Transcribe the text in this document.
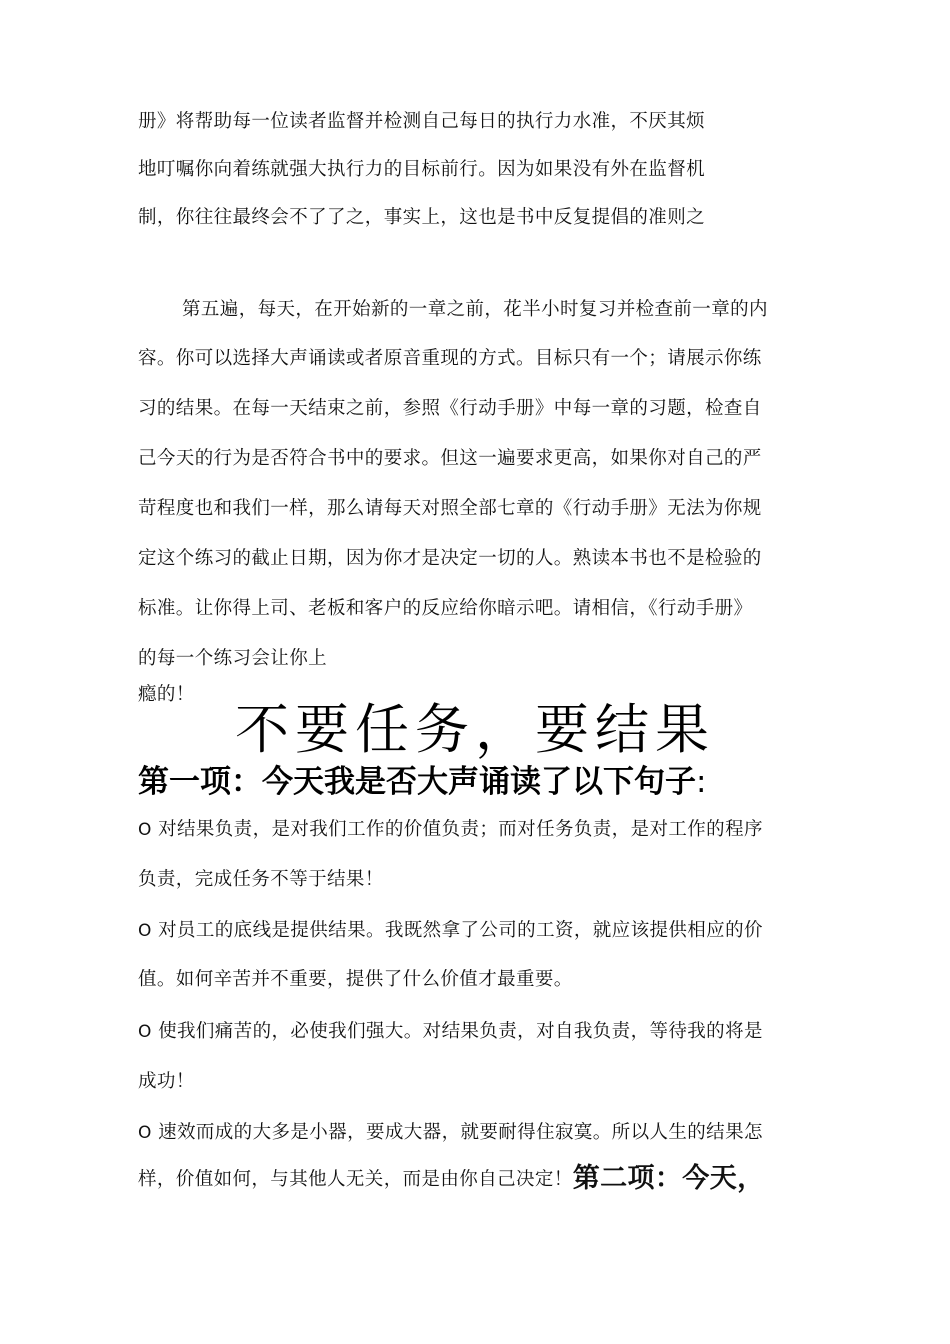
册》将帮助每一位读者监督并检测自己每日的执行力水准，不厌其烦
地叮嘱你向着练就强大执行力的目标前行。因为如果没有外在监督机
制，你往往最终会不了了之，事实上，这也是书中反复提倡的准则之
第五遍，每天，在开始新的一章之前，花半小时复习并检查前一章的内
容。你可以选择大声诵读或者原音重现的方式。目标只有一个；请展示你练
习的结果。在每一天结束之前，参照《行动手册》中每一章的习题，检查自
己今天的行为是否符合书中的要求。但这一遍要求更高，如果你对自己的严
苛程度也和我们一样，那么请每天对照全部七章的《行动手册》无法为你规
定这个练习的截止日期，因为你才是决定一切的人。熟读本书也不是检验的
标准。让你得上司、老板和客户的反应给你暗示吧。请相信，《行动手册》
的每一个练习会让你上
瘾的！
不要任务，要结果
第一项：今天我是否大声诵读了以下句子:
O 对结果负责，是对我们工作的价值负责；而对任务负责，是对工作的程序
负责，完成任务不等于结果！
O 对员工的底线是提供结果。我既然拿了公司的工资，就应该提供相应的价
值。如何辛苦并不重要，提供了什么价值才最重要。
O 使我们痛苦的，必使我们强大。对结果负责，对自我负责，等待我的将是
成功！
O 速效而成的大多是小器，要成大器，就要耐得住寂寞。所以人生的结果怎
样，价值如何，与其他人无关，而是由你自己决定！第二项：今天，
